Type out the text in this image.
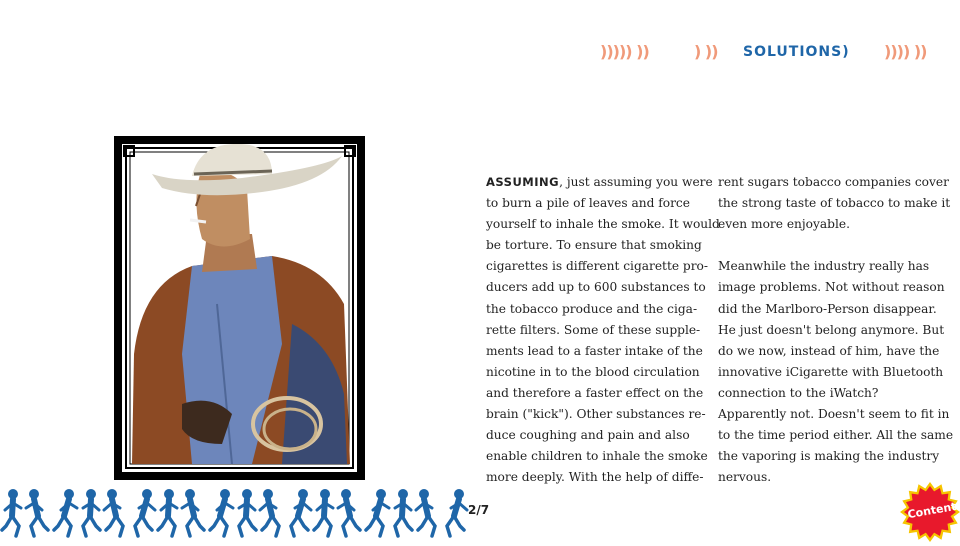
))))) ))	) )) SOLUTIONS) )))) ))
ASSUMING, just assuming you were
to burn a pile of leaves and force
yourself to inhale the smoke. It would
be torture. To ensure that smoking
cigarettes is different cigarette pro-
ducers add up to 600 substances to
the tobacco produce and the ciga-
rette filters. Some of these supple-
ments lead to a faster intake of the
nicotine in to the blood circulation
and therefore a faster effect on the
brain ("kick"). Other substances re-
duce coughing and pain and also
enable children to inhale the smoke
more deeply. With the help of diffe-
rent sugars tobacco companies cover
the strong taste of tobacco to make it
even more enjoyable.
Meanwhile the industry really has
image problems. Not without reason
did the Marlboro-Person disappear.
He just doesn't belong anymore. But
do we now, instead of him, have the
innovative iCigarette with Bluetooth
connection to the iWatch?
Apparently not. Doesn't seem to fit in
to the time period either. All the same
the vaporing is making the industry
nervous.
2/7	Content
